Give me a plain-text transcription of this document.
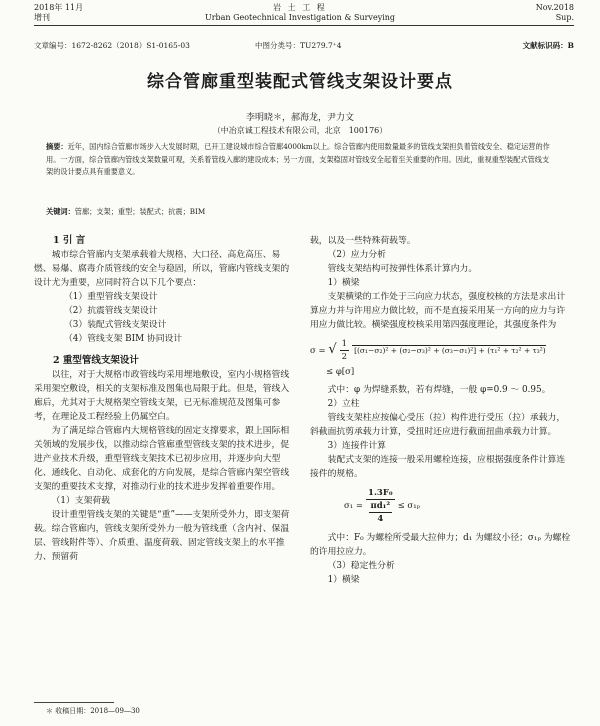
2018年 11月
增刊
岩 土 工 程
Urban Geotechnical Investigation & Surveying
Nov.2018
Sup.
文章编号：1672-8262（2018）S1-0165-03	中图分类号：TU279.7⁺4	文献标识码：B
综合管廊重型装配式管线支架设计要点
李明晓＊，郝海龙，尹力文
（中冶京诚工程技术有限公司，北京　100176）
摘要：近年，国内综合管廊市场步入大发展时期，已开工建设城市综合管廊4000km以上。综合管廊内使用数量最多的管线支架担负着管线安全、稳定运营的作用。一方面，综合管廊内管线支架数量可观，关系着管线入廊的建设成本；另一方面，支架稳固对管线安全起着至关重要的作用。因此，重视重型装配式管线支架的设计要点具有重要意义。
关键词：管廊；支架；重型；装配式；抗震；BIM

1 引 言

城市综合管廊内支架承载着大规格、大口径、高危高压、易燃、易爆、腐毒介质管线的安全与稳固，所以，管廊内管线支架的设计尤为重要，应同时符合以下几个要点：

（1）重型管线支架设计

（2）抗震管线支架设计

（3）装配式管线支架设计

（4）管线支架 BIM 协同设计

2 重型管线支架设计

以往，对于大规格市政管线均采用埋地敷设，室内小规格管线采用架空敷设，相关的支架标准及图集也局限于此。但是，管线入廊后，尤其对于大规格架空管线支架，已无标准规范及图集可参考，在理论及工程经验上仍属空白。

为了满足综合管廊内大规格管线的固定支撑要求，跟上国际相关领域的发展步伐，以推动综合管廊重型管线支架的技术进步，促进产业技术升级，重型管线支架技术已初步应用，并逐步向大型化、通线化、自动化、成套化的方向发展，是综合管廊内架空管线支架的重要技术支撑，对推动行业的技术进步发挥着重要作用。

（1）支架荷载

设计重型管线支架的关键是“重”——支架所受外力，即支架荷载。综合管廊内，管线支架所受外力一般为管线重（含内衬、保温层、管线附件等）、介质重、温度荷载、固定管线支架上的水平推力、预留荷

＊ 收稿日期：2018—09—30

载，以及一些特殊荷载等。

（2）应力分析

管线支架结构可按弹性体系计算内力。

1）横梁

支架横梁的工作处于三向应力状态，强度校核的方法是求出计算应力并与许用应力做比较，而不是直接采用某一方向的应力与许用应力做比较。横梁强度校核采用第四强度理论，其强度条件为

σ = √ $\frac{1}{2} [(\sigma_1-\sigma_2)^2 + (\sigma_2-\sigma_3)^2 + (\sigma_3-\sigma_1)^2] + (\tau_1^2 + \tau_2^2 + \tau_3^2)$
≤ φ[σ]

式中：φ 为焊缝系数，若有焊缝，一般 φ=0.9 ～ 0.95。

2）立柱

管线支架柱应按偏心受压（拉）构件进行受压（拉）承载力，斜截面抗剪承载力计算，受扭时还应进行截面扭曲承载力计算。

3）连接件计算

装配式支架的连接一般采用螺栓连接，应根据强度条件计算连接件的规格。

σ₁ = 1.3F₀
πd₁²
4 ≤ σ₁ₚ

式中：F₀ 为螺栓所受最大拉伸力；d₁ 为螺纹小径；σ₁ₚ 为螺栓的许用拉应力。

（3）稳定性分析

1）横梁
